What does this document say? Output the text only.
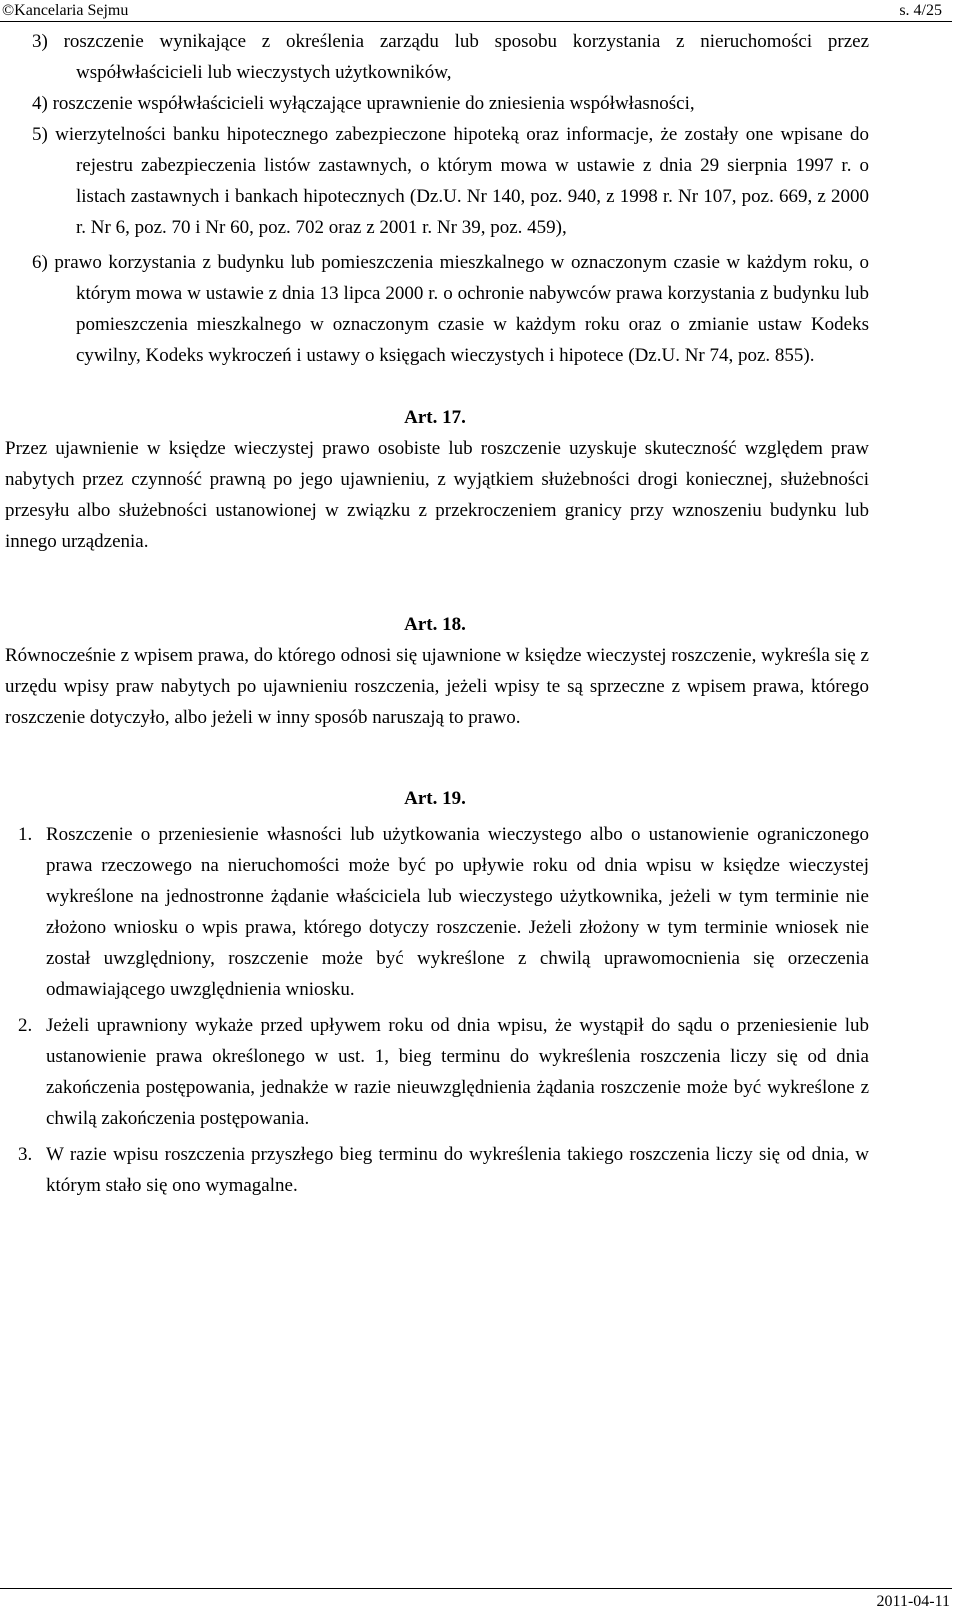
©Kancelaria Sejmu	s. 4/25
3) roszczenie wynikające z określenia zarządu lub sposobu korzystania z nieruchomości przez współwłaścicieli lub wieczystych użytkowników,
4) roszczenie współwłaścicieli wyłączające uprawnienie do zniesienia współwłasności,
5) wierzytelności banku hipotecznego zabezpieczone hipoteką oraz informacje, że zostały one wpisane do rejestru zabezpieczenia listów zastawnych, o którym mowa w ustawie z dnia 29 sierpnia 1997 r. o listach zastawnych i bankach hipotecznych (Dz.U. Nr 140, poz. 940, z 1998 r. Nr 107, poz. 669, z 2000 r. Nr 6, poz. 70 i Nr 60, poz. 702 oraz z 2001 r. Nr 39, poz. 459),
6) prawo korzystania z budynku lub pomieszczenia mieszkalnego w oznaczonym czasie w każdym roku, o którym mowa w ustawie z dnia 13 lipca 2000 r. o ochronie nabywców prawa korzystania z budynku lub pomieszczenia mieszkalnego w oznaczonym czasie w każdym roku oraz o zmianie ustaw Kodeks cywilny, Kodeks wykroczeń i ustawy o księgach wieczystych i hipotece (Dz.U. Nr 74, poz. 855).
Art. 17.
Przez ujawnienie w księdze wieczystej prawo osobiste lub roszczenie uzyskuje skuteczność względem praw nabytych przez czynność prawną po jego ujawnieniu, z wyjątkiem służebności drogi koniecznej, służebności przesyłu albo służebności ustanowionej w związku z przekroczeniem granicy przy wznoszeniu budynku lub innego urządzenia.
Art. 18.
Równocześnie z wpisem prawa, do którego odnosi się ujawnione w księdze wieczystej roszczenie, wykreśla się z urzędu wpisy praw nabytych po ujawnieniu roszczenia, jeżeli wpisy te są sprzeczne z wpisem prawa, którego roszczenie dotyczyło, albo jeżeli w inny sposób naruszają to prawo.
Art. 19.
1. Roszczenie o przeniesienie własności lub użytkowania wieczystego albo o ustanowienie ograniczonego prawa rzeczowego na nieruchomości może być po upływie roku od dnia wpisu w księdze wieczystej wykreślone na jednostronne żądanie właściciela lub wieczystego użytkownika, jeżeli w tym terminie nie złożono wniosku o wpis prawa, którego dotyczy roszczenie. Jeżeli złożony w tym terminie wniosek nie został uwzględniony, roszczenie może być wykreślone z chwilą uprawomocnienia się orzeczenia odmawiającego uwzględnienia wniosku.
2. Jeżeli uprawniony wykaże przed upływem roku od dnia wpisu, że wystąpił do sądu o przeniesienie lub ustanowienie prawa określonego w ust. 1, bieg terminu do wykreślenia roszczenia liczy się od dnia zakończenia postępowania, jednakże w razie nieuwzględnienia żądania roszczenie może być wykreślone z chwilą zakończenia postępowania.
3. W razie wpisu roszczenia przyszłego bieg terminu do wykreślenia takiego roszczenia liczy się od dnia, w którym stało się ono wymagalne.
2011-04-11
